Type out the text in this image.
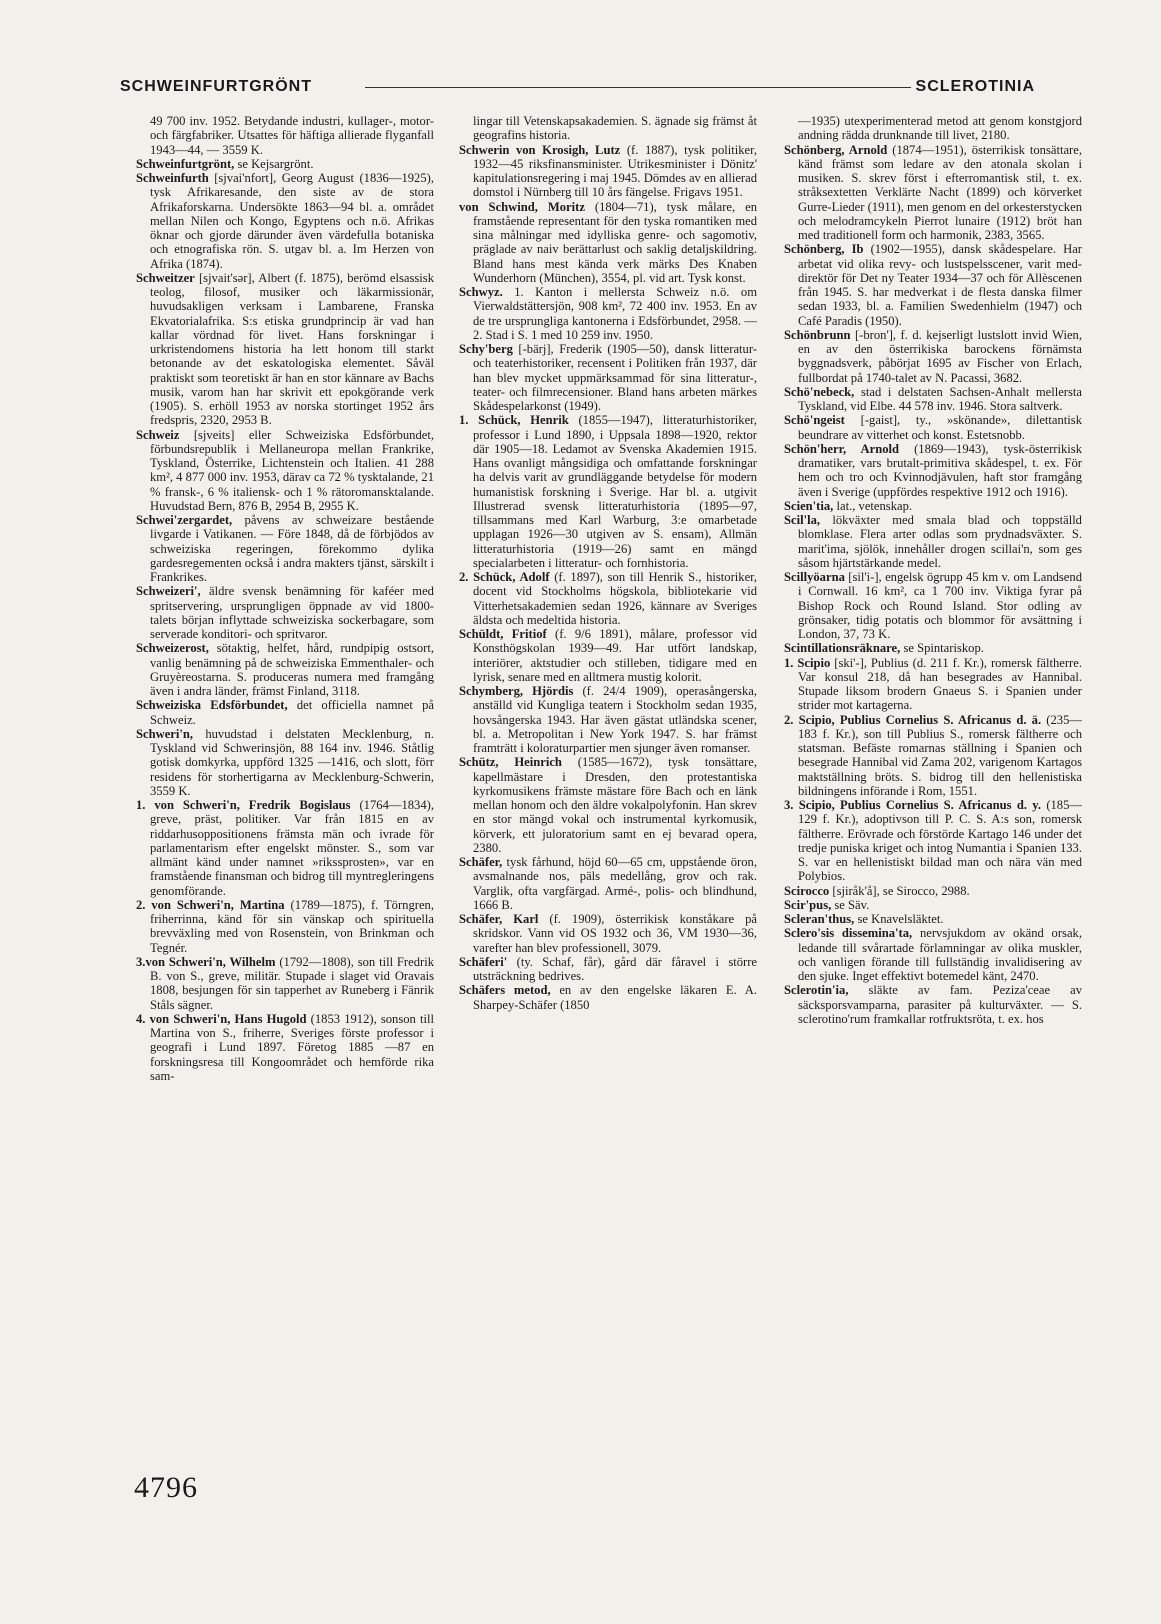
SCHWEINFURTGRÖNT	SCLEROTINIA

49 700 inv. 1952. Betydande industri, kullager-, motor- och färgfabriker. Utsattes för häftiga allierade flyganfall 1943—44, — 3559 K.

Schweinfurtgrönt, se Kejsargrönt.

Schweinfurth [sjvai'nfort], Georg August (1836—1925), tysk Afrikaresande, den siste av de stora Afrikaforskarna. Undersökte 1863—94 bl. a. området mellan Nilen och Kongo, Egyptens och n.ö. Afrikas öknar och gjorde därunder även värdefulla botaniska och etnografiska rön. S. utgav bl. a. Im Herzen von Afrika (1874).

Schweitzer [sjvait'sər], Albert (f. 1875), berömd elsassisk teolog, filosof, musiker och läkarmissionär, huvudsakligen verksam i Lambarene, Franska Ekvatorialafrika. S:s etiska grundprincip är vad han kallar vördnad för livet. Hans forskningar i urkristendomens historia ha lett honom till starkt betonande av det eskatologiska elementet. Såväl praktiskt som teoretiskt är han en stor kännare av Bachs musik, varom han har skrivit ett epokgörande verk (1905). S. erhöll 1953 av norska stortinget 1952 års fredspris, 2320, 2953 B.

Schweiz [sjveits] eller Schweiziska Edsförbundet, förbundsrepublik i Mellaneuropa mellan Frankrike, Tyskland, Österrike, Lichtenstein och Italien. 41 288 km², 4 877 000 inv. 1953, därav ca 72 % tysktalande, 21 % fransk-, 6 % italiensk- och 1 % rätoromansktalande. Huvudstad Bern, 876 B, 2954 B, 2955 K.

Schwei'zergardet, påvens av schweizare bestående livgarde i Vatikanen. — Före 1848, då de förbjödos av schweiziska regeringen, förekommo dylika gardesregementen också i andra makters tjänst, särskilt i Frankrikes.

Schweizeri', äldre svensk benämning för kaféer med spritservering, ursprungligen öppnade av vid 1800-talets början inflyttade schweiziska sockerbagare, som serverade konditori- och spritvaror.

Schweizerost, sötaktig, helfet, hård, rundpipig ostsort, vanlig benämning på de schweiziska Emmenthaler- och Gruyèreostarna. S. produceras numera med framgång även i andra länder, främst Finland, 3118.

Schweiziska Edsförbundet, det officiella namnet på Schweiz.

Schweri'n, huvudstad i delstaten Mecklenburg, n. Tyskland vid Schwerinsjön, 88 164 inv. 1946. Ståtlig gotisk domkyrka, uppförd 1325 —1416, och slott, förr residens för storhertigarna av Mecklenburg-Schwerin, 3559 K.

1. von Schweri'n, Fredrik Bogislaus (1764—1834), greve, präst, politiker. Var från 1815 en av riddarhusoppositionens främsta män och ivrade för parlamentarism efter engelskt mönster. S., som var allmänt känd under namnet »rikssprosten», var en framstående finansman och bidrog till myntregleringens genomförande.

2. von Schweri'n, Martina (1789—1875), f. Törngren, friherrinna, känd för sin vänskap och spirituella brevväxling med von Rosenstein, von Brinkman och Tegnér.

3.von Schweri'n, Wilhelm (1792—1808), son till Fredrik B. von S., greve, militär. Stupade i slaget vid Oravais 1808, besjungen för sin tapperhet av Runeberg i Fänrik Ståls sägner.

4. von Schweri'n, Hans Hugold (1853 1912), sonson till Martina von S., friherre, Sveriges förste professor i geografi i Lund 1897. Företog 1885 —87 en forskningsresa till Kongoområdet och hemförde rika sam-

lingar till Vetenskapsakademien. S. ägnade sig främst åt geografins historia.

Schwerin von Krosigh, Lutz (f. 1887), tysk politiker, 1932—45 riksfinansminister. Utrikesminister i Dönitz' kapitulationsregering i maj 1945. Dömdes av en allierad domstol i Nürnberg till 10 års fängelse. Frigavs 1951.

von Schwind, Moritz (1804—71), tysk målare, en framstående representant för den tyska romantiken med sina målningar med idylliska genre- och sagomotiv, präglade av naiv berättarlust och saklig detaljskildring. Bland hans mest kända verk märks Des Knaben Wunderhorn (München), 3554, pl. vid art. Tysk konst.

Schwyz. 1. Kanton i mellersta Schweiz n.ö. om Vierwaldstättersjön, 908 km², 72 400 inv. 1953. En av de tre ursprungliga kantonerna i Edsförbundet, 2958. — 2. Stad i S. 1 med 10 259 inv. 1950.

Schy'berg [-bärj], Frederik (1905—50), dansk litteratur- och teaterhistoriker, recensent i Politiken från 1937, där han blev mycket uppmärksammad för sina litteratur-, teater- och filmrecensioner. Bland hans arbeten märkes Skådespelarkonst (1949).

1. Schück, Henrik (1855—1947), litteraturhistoriker, professor i Lund 1890, i Uppsala 1898—1920, rektor där 1905—18. Ledamot av Svenska Akademien 1915. Hans ovanligt mångsidiga och omfattande forskningar ha delvis varit av grundläggande betydelse för modern humanistisk forskning i Sverige. Har bl. a. utgivit Illustrerad svensk litteraturhistoria (1895—97, tillsammans med Karl Warburg, 3:e omarbetade upplagan 1926—30 utgiven av S. ensam), Allmän litteraturhistoria (1919—26) samt en mängd specialarbeten i litteratur- och fornhistoria.

2. Schück, Adolf (f. 1897), son till Henrik S., historiker, docent vid Stockholms högskola, bibliotekarie vid Vitterhetsakademien sedan 1926, kännare av Sveriges äldsta och medeltida historia.

Schüldt, Fritiof (f. 9/6 1891), målare, professor vid Konsthögskolan 1939—49. Har utfört landskap, interiörer, aktstudier och stilleben, tidigare med en lyrisk, senare med en alltmera mustig kolorit.

Schymberg, Hjördis (f. 24/4 1909), operasångerska, anställd vid Kungliga teatern i Stockholm sedan 1935, hovsångerska 1943. Har även gästat utländska scener, bl. a. Metropolitan i New York 1947. S. har främst framträtt i koloraturpartier men sjunger även romanser.

Schütz, Heinrich (1585—1672), tysk tonsättare, kapellmästare i Dresden, den protestantiska kyrkomusikens främste mästare före Bach och en länk mellan honom och den äldre vokalpolyfonin. Han skrev en stor mängd vokal och instrumental kyrkomusik, körverk, ett juloratorium samt en ej bevarad opera, 2380.

Schäfer, tysk fårhund, höjd 60—65 cm, uppstående öron, avsmalnande nos, päls medellång, grov och rak. Varglik, ofta vargfärgad. Armé-, polis- och blindhund, 1666 B.

Schäfer, Karl (f. 1909), österrikisk konståkare på skridskor. Vann vid OS 1932 och 36, VM 1930—36, varefter han blev professionell, 3079.

Schäferi' (ty. Schaf, får), gård där fåravel i större utsträckning bedrives.

Schäfers metod, en av den engelske läkaren E. A. Sharpey-Schäfer (1850

—1935) utexperimenterad metod att genom konstgjord andning rädda drunknande till livet, 2180.

Schönberg, Arnold (1874—1951), österrikisk tonsättare, känd främst som ledare av den atonala skolan i musiken. S. skrev först i efterromantisk stil, t. ex. stråksextetten Verklärte Nacht (1899) och körverket Gurre-Lieder (1911), men genom en del orkesterstycken och melodramcykeln Pierrot lunaire (1912) bröt han med traditionell form och harmonik, 2383, 3565.

Schönberg, Ib (1902—1955), dansk skådespelare. Har arbetat vid olika revy- och lustspelsscener, varit med-direktör för Det ny Teater 1934—37 och för Allèscenen från 1945. S. har medverkat i de flesta danska filmer sedan 1933, bl. a. Familien Swedenhielm (1947) och Café Paradis (1950).

Schönbrunn [-bron'], f. d. kejserligt lustslott invid Wien, en av den österrikiska barockens förnämsta byggnadsverk, påbörjat 1695 av Fischer von Erlach, fullbordat på 1740-talet av N. Pacassi, 3682.

Schö'nebeck, stad i delstaten Sachsen-Anhalt mellersta Tyskland, vid Elbe. 44 578 inv. 1946. Stora saltverk.

Schö'ngeist [-gaist], ty., »skönande», dilettantisk beundrare av vitterhet och konst. Estetsnobb.

Schön'herr, Arnold (1869—1943), tysk-österrikisk dramatiker, vars brutalt-primitiva skådespel, t. ex. För hem och tro och Kvinnodjävulen, haft stor framgång även i Sverige (uppfördes respektive 1912 och 1916).

Scien'tia, lat., vetenskap.

Scil'la, lökväxter med smala blad och toppställd blomklase. Flera arter odlas som prydnadsväxter. S. marit'ima, sjölök, innehåller drogen scillai'n, som ges såsom hjärtstärkande medel.

Scillyöarna [sil'i-], engelsk ögrupp 45 km v. om Landsend i Cornwall. 16 km², ca 1 700 inv. Viktiga fyrar på Bishop Rock och Round Island. Stor odling av grönsaker, tidig potatis och blommor för avsättning i London, 37, 73 K.

Scintillationsräknare, se Spintariskop.

1. Scipio [ski'-], Publius (d. 211 f. Kr.), romersk fältherre. Var konsul 218, då han besegrades av Hannibal. Stupade liksom brodern Gnaeus S. i Spanien under strider mot kartagerna.

2. Scipio, Publius Cornelius S. Africanus d. ä. (235—183 f. Kr.), son till Publius S., romersk fältherre och statsman. Befäste romarnas ställning i Spanien och besegrade Hannibal vid Zama 202, varigenom Kartagos maktställning bröts. S. bidrog till den hellenistiska bildningens införande i Rom, 1551.

3. Scipio, Publius Cornelius S. Africanus d. y. (185—129 f. Kr.), adoptivson till P. C. S. A:s son, romersk fältherre. Erövrade och förstörde Kartago 146 under det tredje puniska kriget och intog Numantia i Spanien 133. S. var en hellenistiskt bildad man och nära vän med Polybios.

Scirocco [sjiråk'å], se Sirocco, 2988.

Scir'pus, se Säv.

Scleran'thus, se Knavelsläktet.

Sclero'sis dissemina'ta, nervsjukdom av okänd orsak, ledande till svårartade förlamningar av olika muskler, och vanligen förande till fullständig invalidisering av den sjuke. Inget effektivt botemedel känt, 2470.

Sclerotin'ia, släkte av fam. Peziza'ceae av säcksporsvamparna, parasiter på kulturväxter. — S. sclerotino'rum framkallar rotfruktsröta, t. ex. hos

4796
